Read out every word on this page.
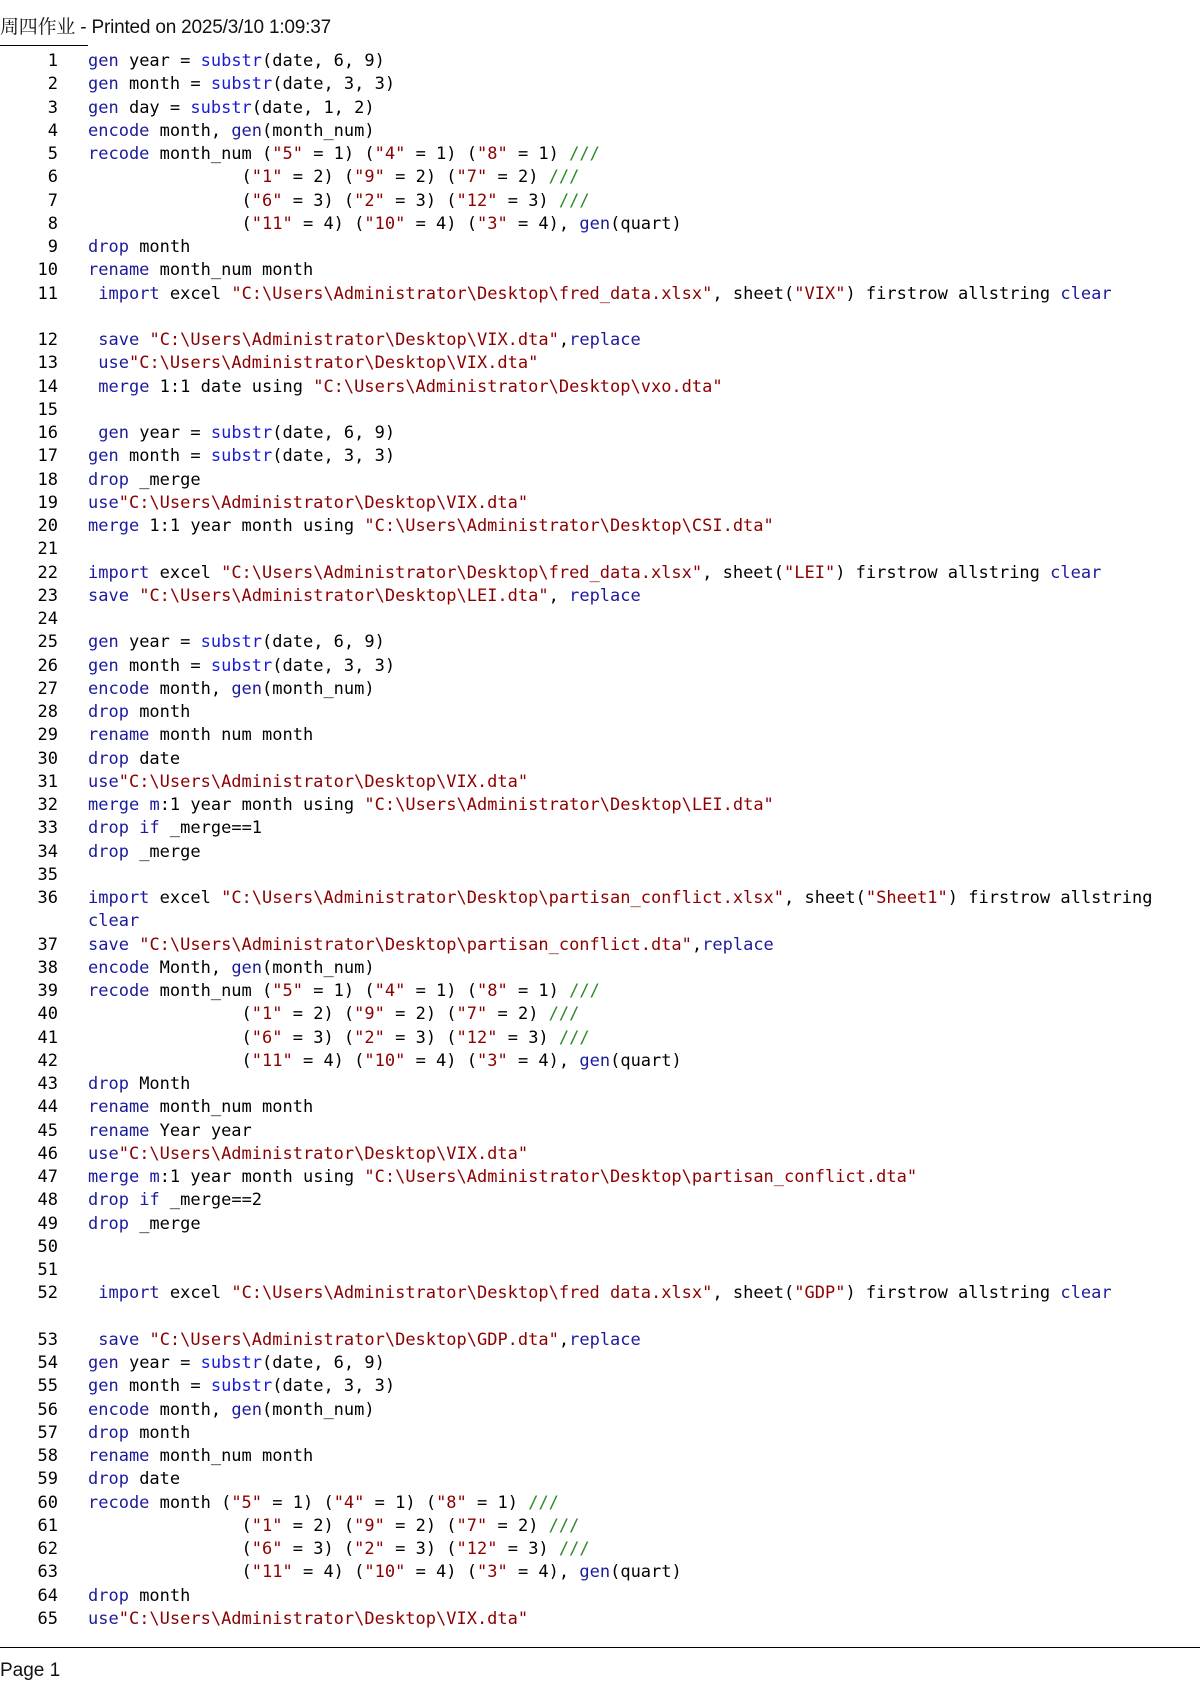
周四作业 - Printed on 2025/3/10 1:09:37
1 gen year = substr(date, 6, 9)
2 gen month = substr(date, 3, 3)
3 gen day = substr(date, 1, 2)
4 encode month, gen(month_num)
5 recode month_num ("5" = 1) ("4" = 1) ("8" = 1) ///
6 ("1" = 2) ("9" = 2) ("7" = 2) ///
7 ("6" = 3) ("2" = 3) ("12" = 3) ///
8 ("11" = 4) ("10" = 4) ("3" = 4), gen(quart)
9 drop month
10 rename month_num month
11	import excel "C:\Users\Administrator\Desktop\fred_data.xlsx", sheet("VIX") firstrow allstring clear
12	save "C:\Users\Administrator\Desktop\VIX.dta",replace
13	use"C:\Users\Administrator\Desktop\VIX.dta"
14	merge 1:1 date using "C:\Users\Administrator\Desktop\vxo.dta"
15
16	gen year = substr(date, 6, 9)
17 gen month = substr(date, 3, 3)
18 drop _merge
19 use"C:\Users\Administrator\Desktop\VIX.dta"
20 merge 1:1 year month using "C:\Users\Administrator\Desktop\CSI.dta"
21
22 import excel "C:\Users\Administrator\Desktop\fred_data.xlsx", sheet("LEI") firstrow allstring clear
23 save "C:\Users\Administrator\Desktop\LEI.dta", replace
24
25 gen year = substr(date, 6, 9)
26 gen month = substr(date, 3, 3)
27 encode month, gen(month_num)
28 drop month
29 rename month num month
30 drop date
31 use"C:\Users\Administrator\Desktop\VIX.dta"
32 merge m:1 year month using "C:\Users\Administrator\Desktop\LEI.dta"
33 drop if _merge==1
34 drop _merge
35
36 import excel "C:\Users\Administrator\Desktop\partisan_conflict.xlsx", sheet("Sheet1") firstrow allstring clear
37 save "C:\Users\Administrator\Desktop\partisan_conflict.dta",replace
38 encode Month, gen(month_num)
39 recode month_num ("5" = 1) ("4" = 1) ("8" = 1) ///
40 ("1" = 2) ("9" = 2) ("7" = 2) ///
41 ("6" = 3) ("2" = 3) ("12" = 3) ///
42 ("11" = 4) ("10" = 4) ("3" = 4), gen(quart)
43 drop Month
44 rename month_num month
45 rename Year year
46 use"C:\Users\Administrator\Desktop\VIX.dta"
47 merge m:1 year month using "C:\Users\Administrator\Desktop\partisan_conflict.dta"
48 drop if _merge==2
49 drop _merge
50
51
52	import excel "C:\Users\Administrator\Desktop\fred data.xlsx", sheet("GDP") firstrow allstring clear
53	save "C:\Users\Administrator\Desktop\GDP.dta",replace
54 gen year = substr(date, 6, 9)
55 gen month = substr(date, 3, 3)
56 encode month, gen(month_num)
57 drop month
58 rename month_num month
59 drop date
60 recode month ("5" = 1) ("4" = 1) ("8" = 1) ///
61 ("1" = 2) ("9" = 2) ("7" = 2) ///
62 ("6" = 3) ("2" = 3) ("12" = 3) ///
63 ("11" = 4) ("10" = 4) ("3" = 4), gen(quart)
64 drop month
65 use"C:\Users\Administrator\Desktop\VIX.dta"
Page 1
